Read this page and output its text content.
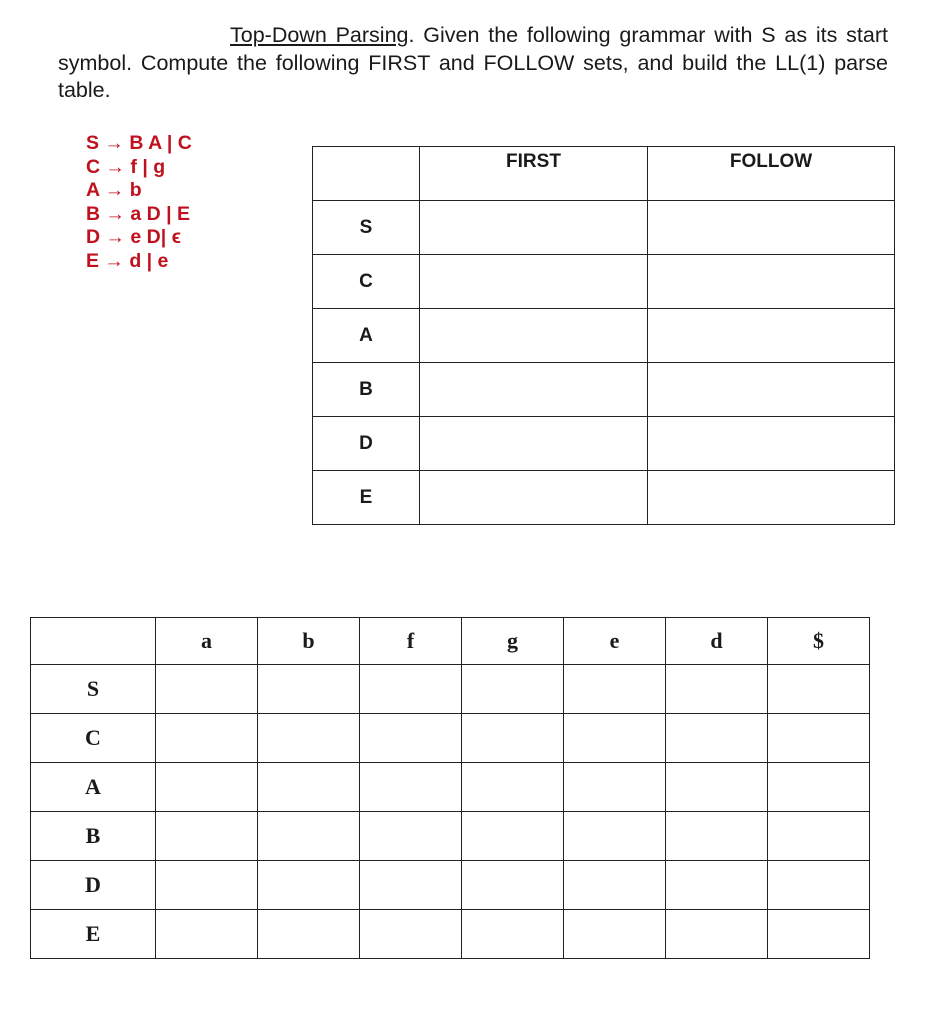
Top-Down Parsing. Given the following grammar with S as its start symbol. Compute the following FIRST and FOLLOW sets, and build the LL(1) parse table.
S → B A | C
C → f | g
A → b
B → a D | E
D → e D| ϵ
E → d | e
	FIRST	FOLLOW
S		
C		
A		
B		
D		
E		
	a	b	f	g	e	d	$
S							
C							
A							
B							
D							
E							
